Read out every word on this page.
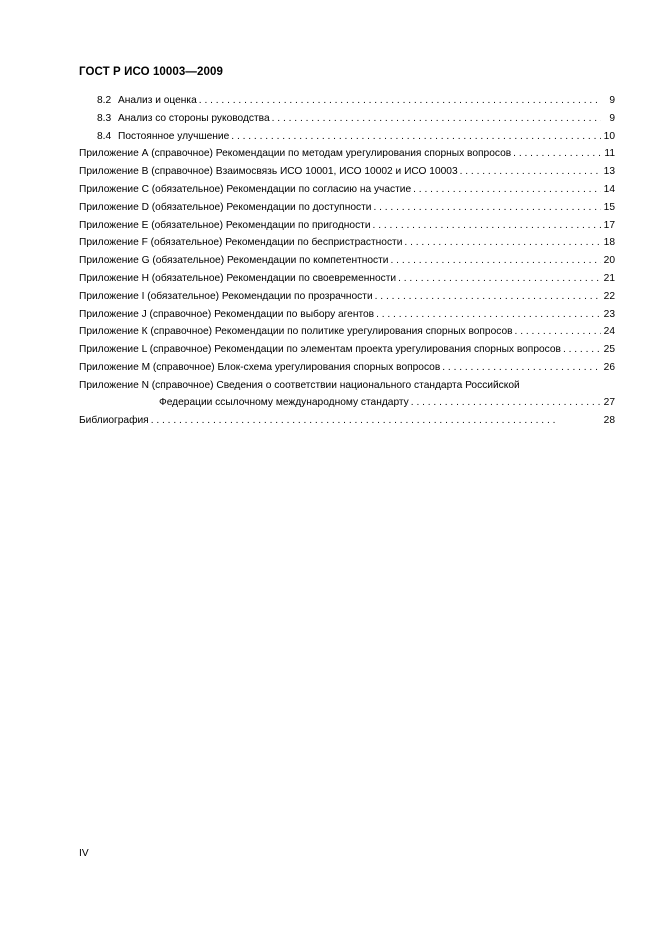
ГОСТ Р ИСО 10003—2009
8.2 Анализ и оценка . . .	9
8.3 Анализ со стороны руководства . . .	9
8.4 Постоянное улучшение . . .	10
Приложение А (справочное) Рекомендации по методам урегулирования спорных вопросов . . .	11
Приложение В (справочное) Взаимосвязь ИСО 10001, ИСО 10002 и ИСО 10003 . . .	13
Приложение С (обязательное) Рекомендации по согласию на участие . . .	14
Приложение D (обязательное) Рекомендации по доступности . . .	15
Приложение Е (обязательное) Рекомендации по пригодности . . .	17
Приложение F (обязательное) Рекомендации по беспристрастности . . .	18
Приложение G (обязательное) Рекомендации по компетентности . . .	20
Приложение Н (обязательное) Рекомендации по своевременности . . .	21
Приложение I (обязательное) Рекомендации по прозрачности . . .	22
Приложение J (справочное) Рекомендации по выбору агентов . . .	23
Приложение К (справочное) Рекомендации по политике урегулирования спорных вопросов . . .	24
Приложение L (справочное) Рекомендации по элементам проекта урегулирования спорных вопросов . . .	25
Приложение М (справочное) Блок-схема урегулирования спорных вопросов . . .	26
Приложение N (справочное) Сведения о соответствии национального стандарта Российской
Федерации ссылочному международному стандарту . . .	27
Библиография . . .	28
IV
